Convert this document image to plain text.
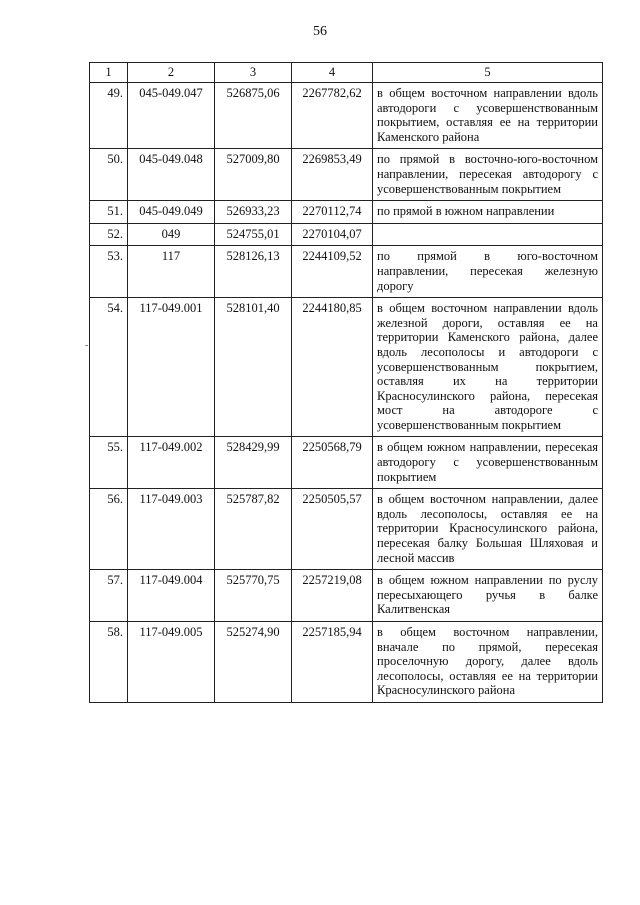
56
-
1	2	3	4	5
49.	045-049.047	526875,06	2267782,62	в общем восточном направлении вдоль автодороги с усовершенствованным покрытием, оставляя ее на территории Каменского района
50.	045-049.048	527009,80	2269853,49	по прямой в восточно-юго-восточном направлении, пересекая автодорогу с усовершенствованным покрытием
51.	045-049.049	526933,23	2270112,74	по прямой в южном направлении
52.	049	524755,01	2270104,07	
53.	117	528126,13	2244109,52	по прямой в юго-восточном направлении, пересекая железную дорогу
54.	117-049.001	528101,40	2244180,85	в общем восточном направлении вдоль железной дороги, оставляя ее на территории Каменского района, далее вдоль лесополосы и автодороги с усовершенствованным покрытием, оставляя их на территории Красносулинского района, пересекая мост на автодороге с усовершенствованным покрытием
55.	117-049.002	528429,99	2250568,79	в общем южном направлении, пересекая автодорогу с усовершенствованным покрытием
56.	117-049.003	525787,82	2250505,57	в общем восточном направлении, далее вдоль лесополосы, оставляя ее на территории Красносулинского района, пересекая балку Большая Шляховая и лесной массив
57.	117-049.004	525770,75	2257219,08	в общем южном направлении по руслу пересыхающего ручья в балке Калитвенская
58.	117-049.005	525274,90	2257185,94	в общем восточном направлении, вначале по прямой, пересекая проселочную дорогу, далее вдоль лесополосы, оставляя ее на территории Красносулинского района
